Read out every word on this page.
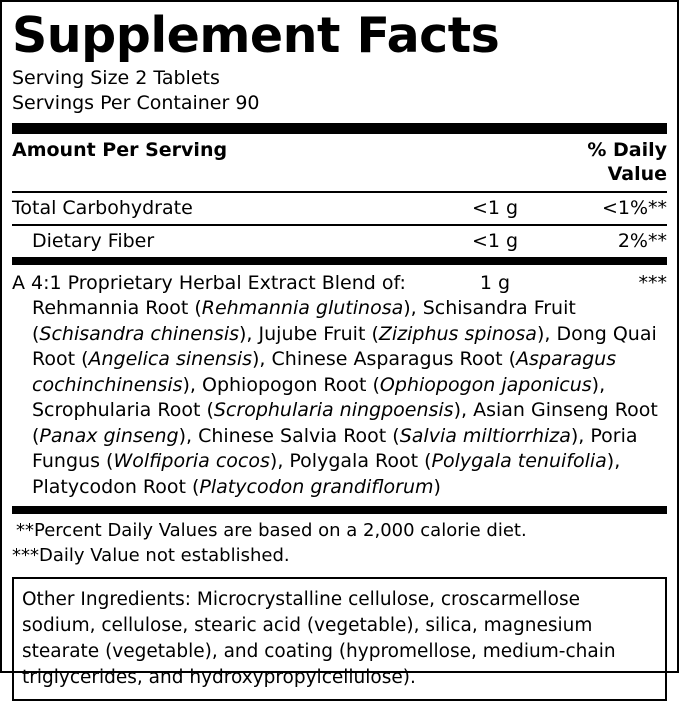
Supplement Facts
Serving Size 2 Tablets
Servings Per Container 90
Amount Per Serving	% Daily Value
Total Carbohydrate	<1 g	<1%**
Dietary Fiber	<1 g	2%**
A 4:1 Proprietary Herbal Extract Blend of:	1 g	***
Rehmannia Root (Rehmannia glutinosa), Schisandra Fruit (Schisandra chinensis), Jujube Fruit (Ziziphus spinosa), Dong Quai Root (Angelica sinensis), Chinese Asparagus Root (Asparagus cochinchinensis), Ophiopogon Root (Ophiopogon japonicus), Scrophularia Root (Scrophularia ningpoensis), Asian Ginseng Root (Panax ginseng), Chinese Salvia Root (Salvia miltiorrhiza), Poria Fungus (Wolfiporia cocos), Polygala Root (Polygala tenuifolia), Platycodon Root (Platycodon grandiflorum)
**Percent Daily Values are based on a 2,000 calorie diet.
***Daily Value not established.
Other Ingredients: Microcrystalline cellulose, croscarmellose sodium, cellulose, stearic acid (vegetable), silica, magnesium stearate (vegetable), and coating (hypromellose, medium-chain triglycerides, and hydroxypropylcellulose).
